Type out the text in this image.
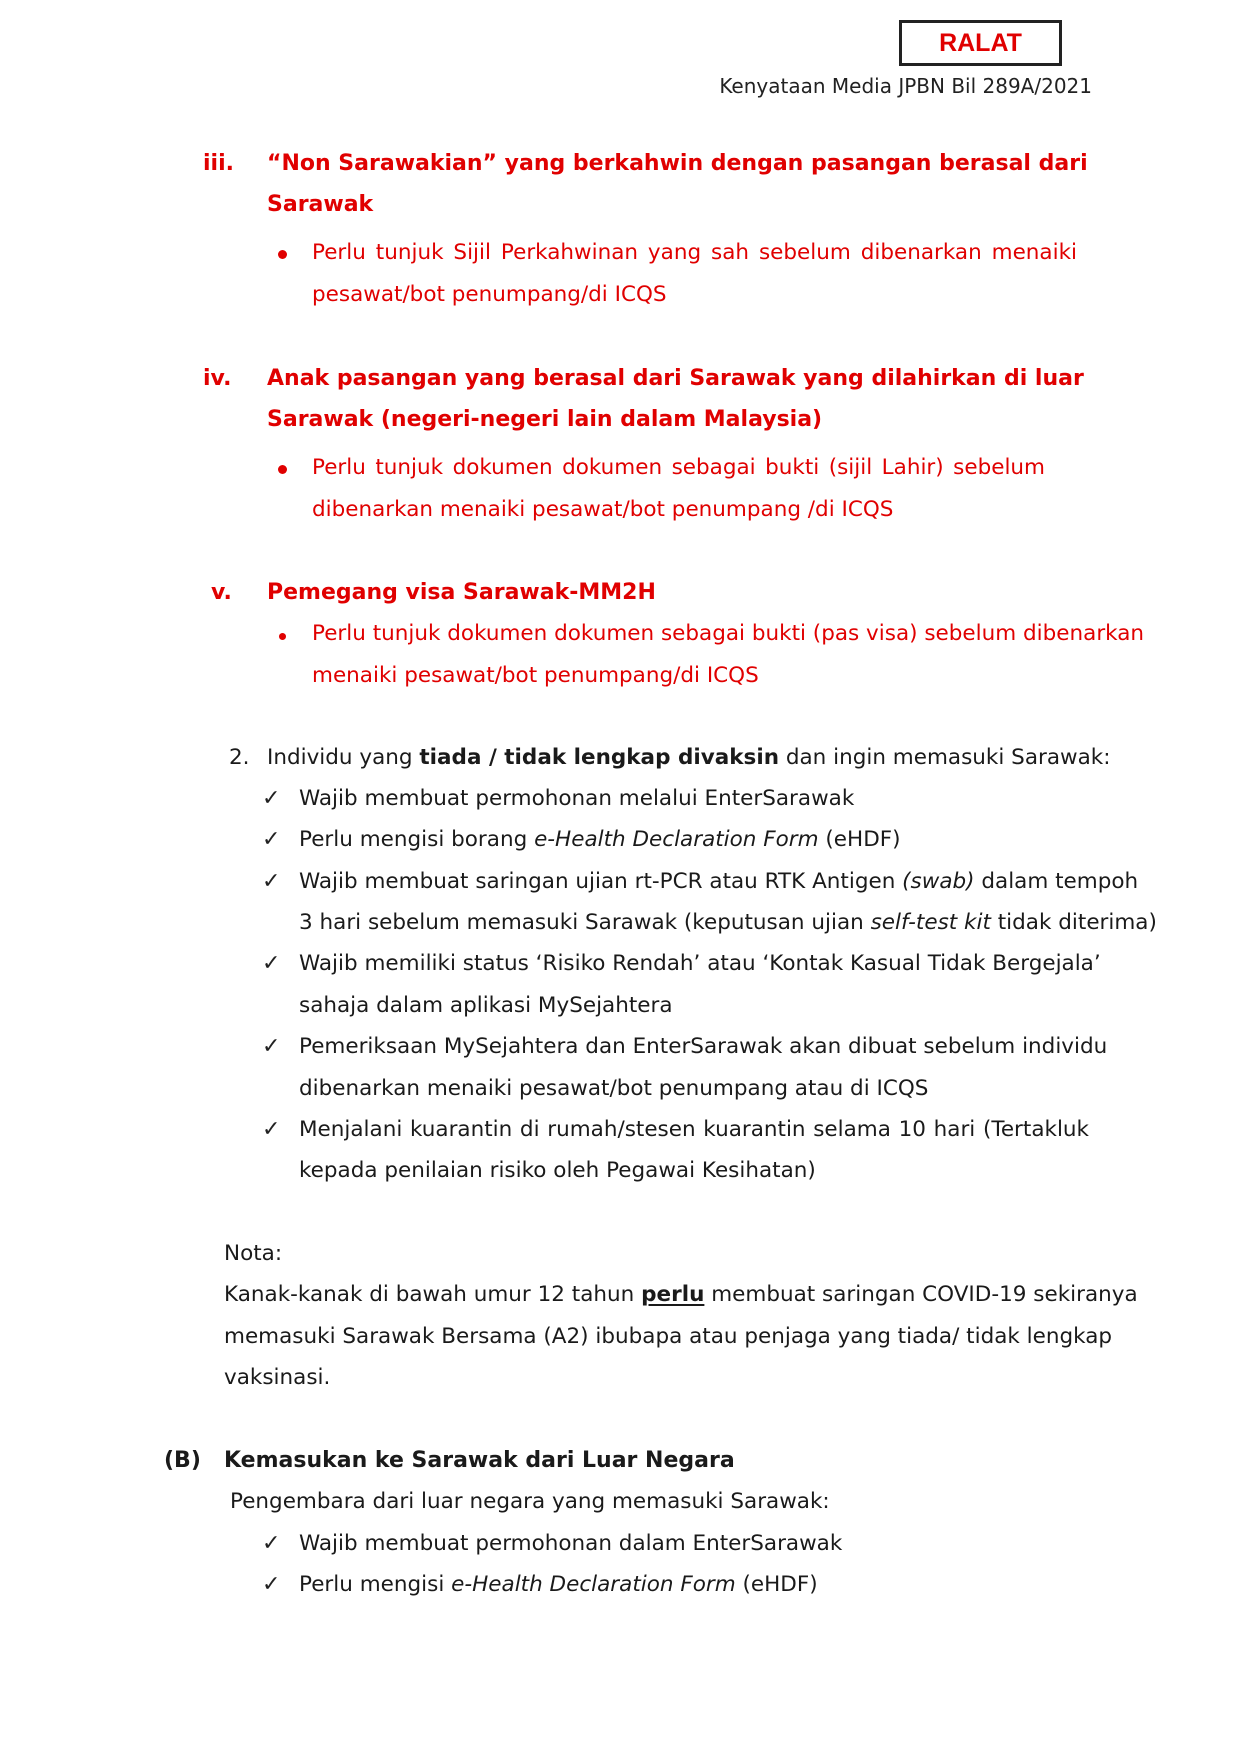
RALAT
Kenyataan Media JPBN Bil 289A/2021
iii. “Non Sarawakian” yang berkahwin dengan pasangan berasal dari
Sarawak
Perlu tunjuk Sijil Perkahwinan yang sah sebelum dibenarkan menaiki
pesawat/bot penumpang/di ICQS
iv. Anak pasangan yang berasal dari Sarawak yang dilahirkan di luar
Sarawak (negeri-negeri lain dalam Malaysia)
Perlu tunjuk dokumen dokumen sebagai bukti (sijil Lahir) sebelum
dibenarkan menaiki pesawat/bot penumpang /di ICQS
v. Pemegang visa Sarawak-MM2H
Perlu tunjuk dokumen dokumen sebagai bukti (pas visa) sebelum dibenarkan
menaiki pesawat/bot penumpang/di ICQS
2. Individu yang tiada / tidak lengkap divaksin dan ingin memasuki Sarawak:
✓ Wajib membuat permohonan melalui EnterSarawak
✓ Perlu mengisi borang e-Health Declaration Form (eHDF)
✓ Wajib membuat saringan ujian rt-PCR atau RTK Antigen (swab) dalam tempoh
3 hari sebelum memasuki Sarawak (keputusan ujian self-test kit tidak diterima)
✓ Wajib memiliki status ‘Risiko Rendah’ atau ‘Kontak Kasual Tidak Bergejala’
sahaja dalam aplikasi MySejahtera
✓ Pemeriksaan MySejahtera dan EnterSarawak akan dibuat sebelum individu
dibenarkan menaiki pesawat/bot penumpang atau di ICQS
✓ Menjalani kuarantin di rumah/stesen kuarantin selama 10 hari (Tertakluk
kepada penilaian risiko oleh Pegawai Kesihatan)
Nota:
Kanak-kanak di bawah umur 12 tahun perlu membuat saringan COVID-19 sekiranya
memasuki Sarawak Bersama (A2) ibubapa atau penjaga yang tiada/ tidak lengkap
vaksinasi.
(B) Kemasukan ke Sarawak dari Luar Negara
Pengembara dari luar negara yang memasuki Sarawak:
✓ Wajib membuat permohonan dalam EnterSarawak
✓ Perlu mengisi e-Health Declaration Form (eHDF)
